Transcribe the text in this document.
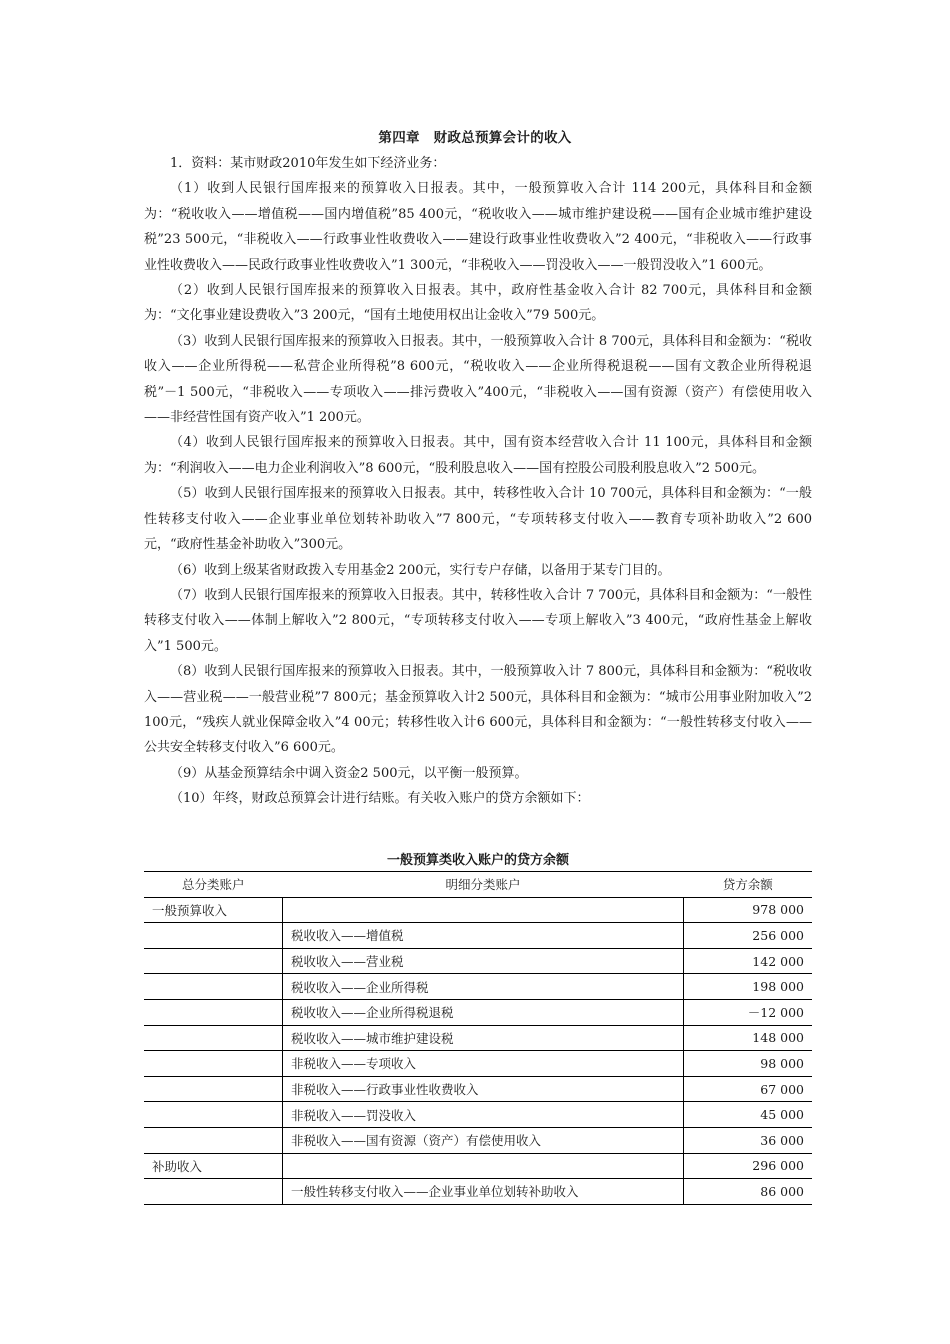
第四章　财政总预算会计的收入

1．资料：某市财政2010年发生如下经济业务：

（1）收到人民银行国库报来的预算收入日报表。其中，一般预算收入合计 114 200元，具体科目和金额为：“税收收入——增值税——国内增值税”85 400元，“税收收入——城市维护建设税——国有企业城市维护建设税”23 500元，“非税收入——行政事业性收费收入——建设行政事业性收费收入”2 400元，“非税收入——行政事业性收费收入——民政行政事业性收费收入”1 300元，“非税收入——罚没收入——一般罚没收入”1 600元。

（2）收到人民银行国库报来的预算收入日报表。其中，政府性基金收入合计 82 700元，具体科目和金额为：“文化事业建设费收入”3 200元，“国有土地使用权出让金收入”79 500元。

（3）收到人民银行国库报来的预算收入日报表。其中，一般预算收入合计 8 700元，具体科目和金额为：“税收收入——企业所得税——私营企业所得税”8 600元，“税收收入——企业所得税退税——国有文教企业所得税退税”－1 500元，“非税收入——专项收入——排污费收入”400元，“非税收入——国有资源（资产）有偿使用收入——非经营性国有资产收入”1 200元。

（4）收到人民银行国库报来的预算收入日报表。其中，国有资本经营收入合计 11 100元，具体科目和金额为：“利润收入——电力企业利润收入”8 600元，“股利股息收入——国有控股公司股利股息收入”2 500元。

（5）收到人民银行国库报来的预算收入日报表。其中，转移性收入合计 10 700元，具体科目和金额为：“一般性转移支付收入——企业事业单位划转补助收入”7 800元，“专项转移支付收入——教育专项补助收入”2 600元，“政府性基金补助收入”300元。

（6）收到上级某省财政拨入专用基金2 200元，实行专户存储，以备用于某专门目的。

（7）收到人民银行国库报来的预算收入日报表。其中，转移性收入合计 7 700元，具体科目和金额为：“一般性转移支付收入——体制上解收入”2 800元，“专项转移支付收入——专项上解收入”3 400元，“政府性基金上解收入”1 500元。

（8）收到人民银行国库报来的预算收入日报表。其中，一般预算收入计 7 800元，具体科目和金额为：“税收收入——营业税——一般营业税”7 800元；基金预算收入计2 500元，具体科目和金额为：“城市公用事业附加收入”2 100元，“残疾人就业保障金收入”4 00元；转移性收入计6 600元，具体科目和金额为：“一般性转移支付收入——公共安全转移支付收入”6 600元。

（9）从基金预算结余中调入资金2 500元，以平衡一般预算。

（10）年终，财政总预算会计进行结账。有关收入账户的贷方余额如下：

一般预算类收入账户的贷方余额
总分类账户	明细分类账户	贷方余额
一般预算收入		978 000
	税收收入——增值税	256 000
	税收收入——营业税	142 000
	税收收入——企业所得税	198 000
	税收收入——企业所得税退税	－12 000
	税收收入——城市维护建设税	148 000
	非税收入——专项收入	98 000
	非税收入——行政事业性收费收入	67 000
	非税收入——罚没收入	45 000
	非税收入——国有资源（资产）有偿使用收入	36 000
补助收入		296 000
	一般性转移支付收入——企业事业单位划转补助收入	86 000
